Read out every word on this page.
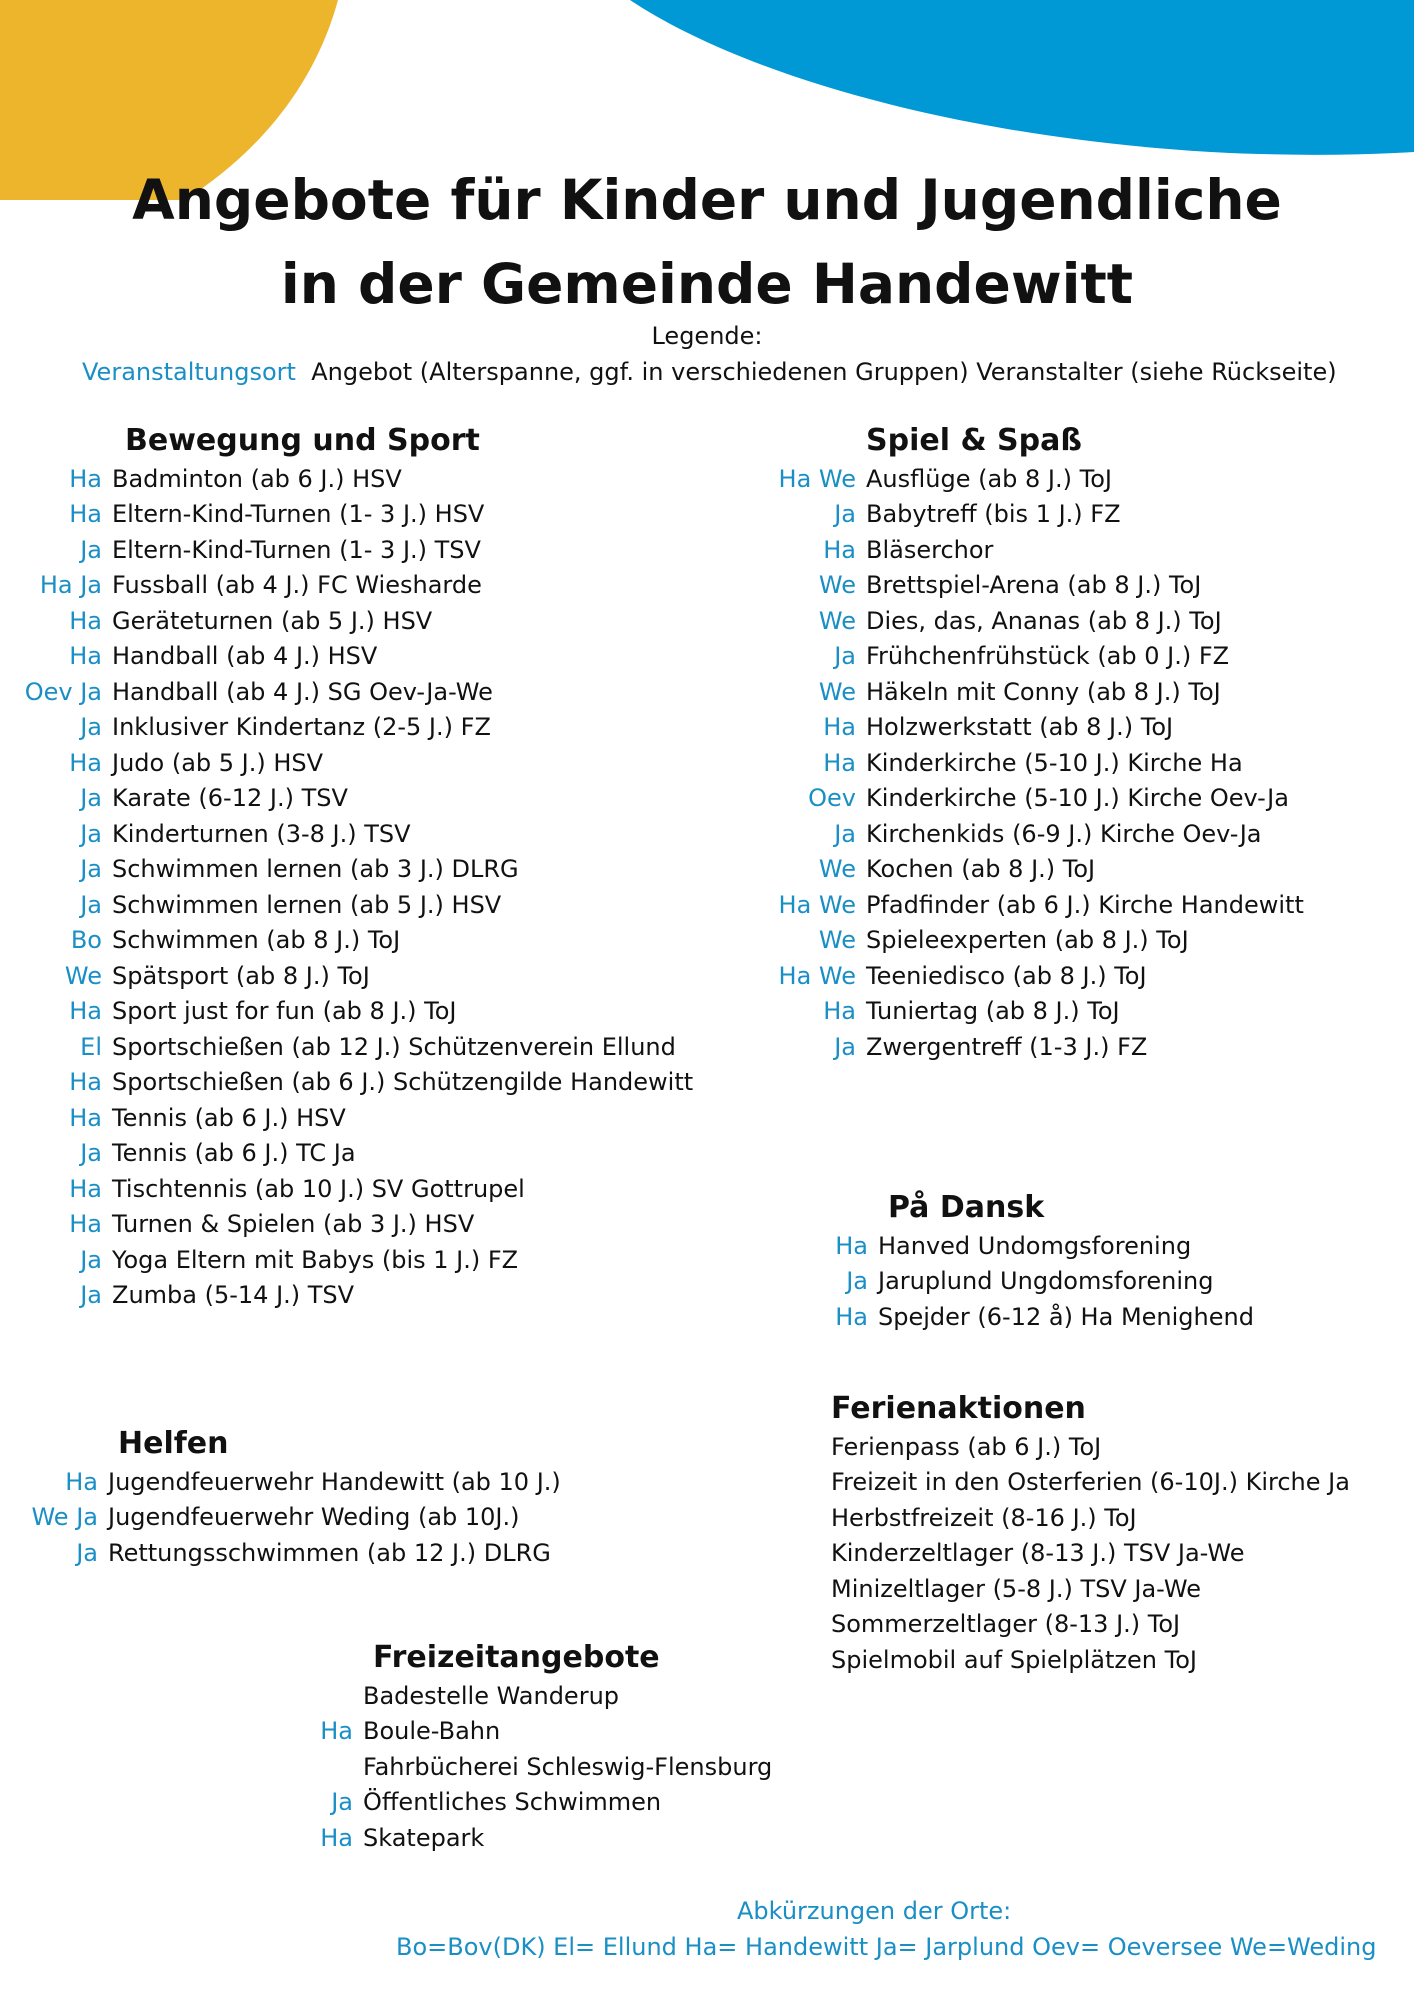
Angebote für Kinder und Jugendliche
in der Gemeinde Handewitt
Legende:
Veranstaltungsort Angebot (Alterspanne, ggf. in verschiedenen Gruppen) Veranstalter (siehe Rückseite)
Bewegung und Sport
Ha Badminton (ab 6 J.) HSV
Ha Eltern-Kind-Turnen (1- 3 J.) HSV
Ja Eltern-Kind-Turnen (1- 3 J.) TSV
Ha Ja Fussball (ab 4 J.) FC Wiesharde
Ha Geräteturnen (ab 5 J.) HSV
Ha Handball (ab 4 J.) HSV
Oev Ja Handball (ab 4 J.) SG Oev-Ja-We
Ja Inklusiver Kindertanz (2-5 J.) FZ
Ha Judo (ab 5 J.) HSV
Ja Karate (6-12 J.) TSV
Ja Kinderturnen (3-8 J.) TSV
Ja Schwimmen lernen (ab 3 J.) DLRG
Ja Schwimmen lernen (ab 5 J.) HSV
Bo Schwimmen (ab 8 J.) ToJ
We Spätsport (ab 8 J.) ToJ
Ha Sport just for fun (ab 8 J.) ToJ
El Sportschießen (ab 12 J.) Schützenverein Ellund
Ha Sportschießen (ab 6 J.) Schützengilde Handewitt
Ha Tennis (ab 6 J.) HSV
Ja Tennis (ab 6 J.) TC Ja
Ha Tischtennis (ab 10 J.) SV Gottrupel
Ha Turnen & Spielen (ab 3 J.) HSV
Ja Yoga Eltern mit Babys (bis 1 J.) FZ
Ja Zumba (5-14 J.) TSV
Spiel & Spaß
Ha We Ausflüge (ab 8 J.) ToJ
Ja Babytreff (bis 1 J.) FZ
Ha Bläserchor
We Brettspiel-Arena (ab 8 J.) ToJ
We Dies, das, Ananas (ab 8 J.) ToJ
Ja Frühchenfrühstück (ab 0 J.) FZ
We Häkeln mit Conny (ab 8 J.) ToJ
Ha Holzwerkstatt (ab 8 J.) ToJ
Ha Kinderkirche (5-10 J.) Kirche Ha
Oev Kinderkirche (5-10 J.) Kirche Oev-Ja
Ja Kirchenkids (6-9 J.) Kirche Oev-Ja
We Kochen (ab 8 J.) ToJ
Ha We Pfadfinder (ab 6 J.) Kirche Handewitt
We Spieleexperten (ab 8 J.) ToJ
Ha We Teeniedisco (ab 8 J.) ToJ
Ha Tuniertag (ab 8 J.) ToJ
Ja Zwergentreff (1-3 J.) FZ
På Dansk
Ha Hanved Undomgsforening
Ja Jaruplund Ungdomsforening
Ha Spejder (6-12 å) Ha Menighend
Helfen
Ha Jugendfeuerwehr Handewitt (ab 10 J.)
We Ja Jugendfeuerwehr Weding (ab 10J.)
Ja Rettungsschwimmen (ab 12 J.) DLRG
Ferienaktionen
Ferienpass (ab 6 J.) ToJ
Freizeit in den Osterferien (6-10J.) Kirche Ja
Herbstfreizeit (8-16 J.) ToJ
Kinderzeltlager (8-13 J.) TSV Ja-We
Minizeltlager (5-8 J.) TSV Ja-We
Sommerzeltlager (8-13 J.) ToJ
Spielmobil auf Spielplätzen ToJ
Freizeitangebote
Badestelle Wanderup
Ha Boule-Bahn
Fahrbücherei Schleswig-Flensburg
Ja Öffentliches Schwimmen
Ha Skatepark
Abkürzungen der Orte:
Bo=Bov(DK) El= Ellund Ha= Handewitt Ja= Jarplund Oev= Oeversee We=Weding
